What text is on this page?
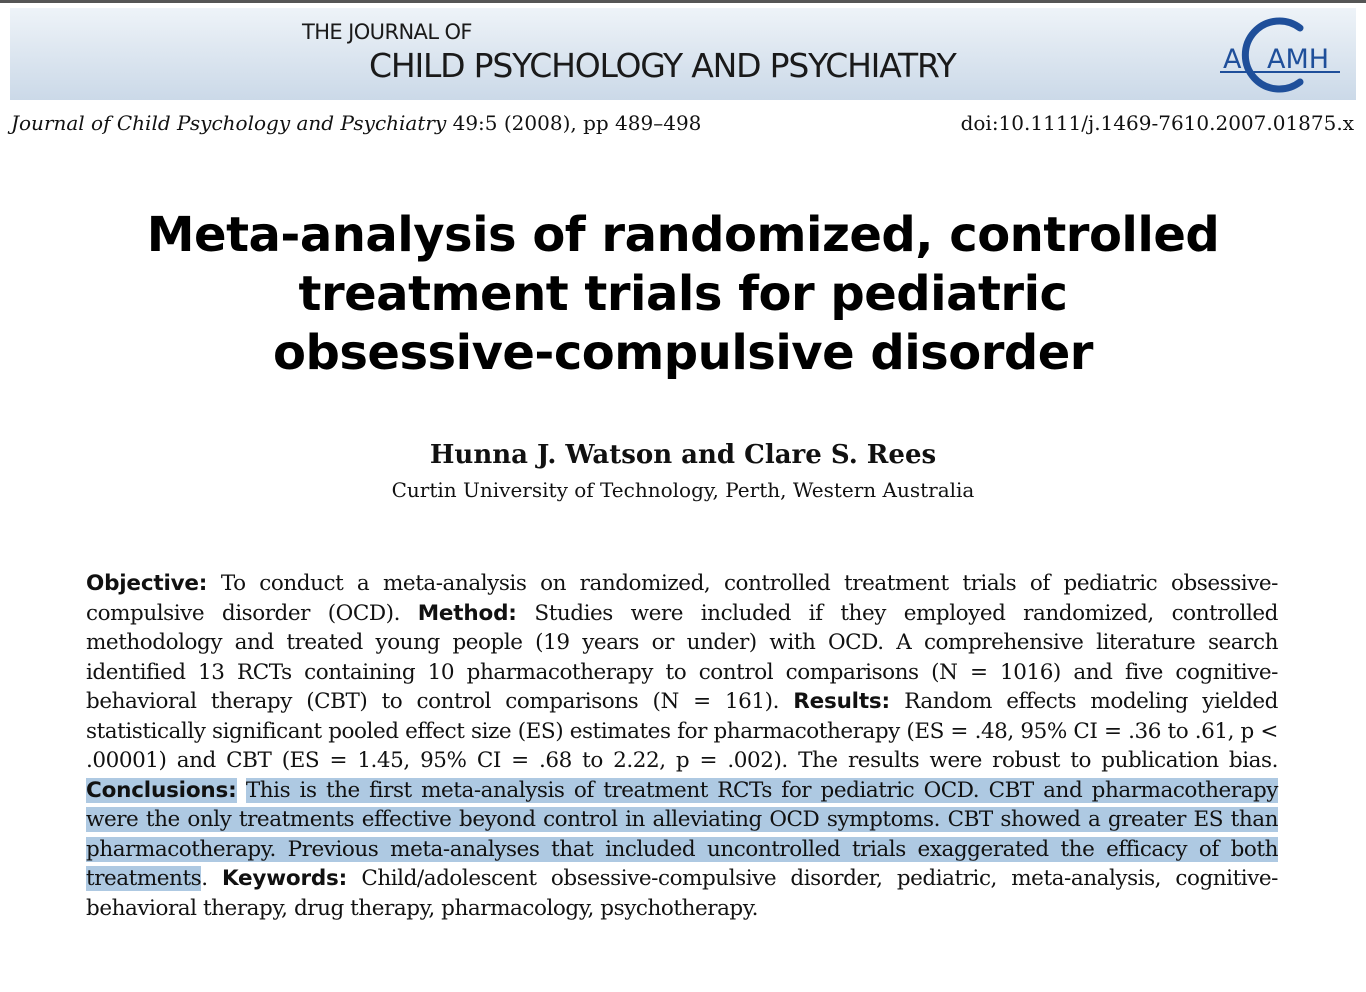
THE JOURNAL OF
CHILD PSYCHOLOGY AND PSYCHIATRY	A AMH
Journal of Child Psychology and Psychiatry 49:5 (2008), pp 489–498	doi:10.1111/j.1469-7610.2007.01875.x
Meta-analysis of randomized, controlled
treatment trials for pediatric
obsessive-compulsive disorder
Hunna J. Watson and Clare S. Rees
Curtin University of Technology, Perth, Western Australia
Objective: To conduct a meta-analysis on randomized, controlled treatment trials of pediatric obsessive-compulsive disorder (OCD). Method: Studies were included if they employed randomized, controlled methodology and treated young people (19 years or under) with OCD. A comprehensive literature search identified 13 RCTs containing 10 pharmacotherapy to control comparisons (N = 1016) and five cognitive-behavioral therapy (CBT) to control comparisons (N = 161). Results: Random effects modeling yielded statistically significant pooled effect size (ES) estimates for pharmacotherapy (ES = .48, 95% CI = .36 to .61, p < .00001) and CBT (ES = 1.45, 95% CI = .68 to 2.22, p = .002). The results were robust to publication bias. Conclusions: This is the first meta-analysis of treatment RCTs for pediatric OCD. CBT and pharmacotherapy were the only treatments effective beyond control in alleviating OCD symptoms. CBT showed a greater ES than pharmacotherapy. Previous meta-analyses that included uncontrolled trials exaggerated the efficacy of both treatments. Keywords: Child/adolescent obsessive-compulsive disorder, pediatric, meta-analysis, cognitive-behavioral therapy, drug therapy, pharmacology, psychotherapy.
